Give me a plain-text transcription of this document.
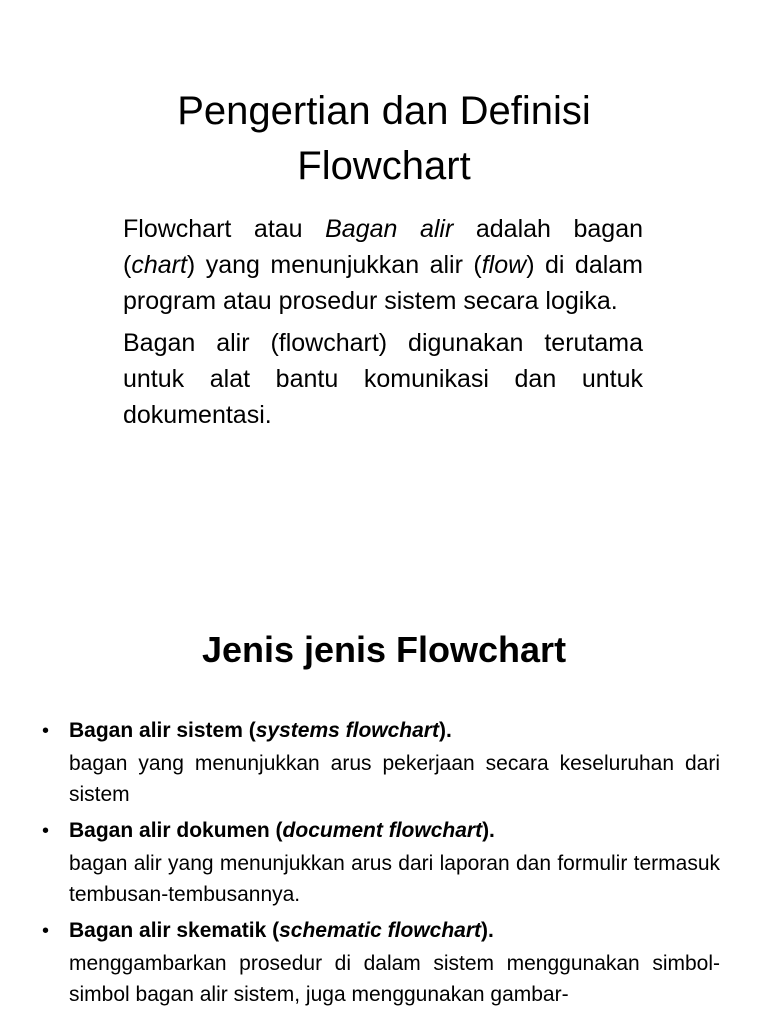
Pengertian dan Definisi
Flowchart

Flowchart atau Bagan alir adalah bagan (chart) yang menunjukkan alir (flow) di dalam program atau prosedur sistem secara logika.

Bagan alir (flowchart) digunakan terutama untuk alat bantu komunikasi dan untuk dokumentasi.

Jenis jenis Flowchart
• Bagan alir sistem (systems flowchart).

bagan yang menunjukkan arus pekerjaan secara keseluruhan dari sistem

• Bagan alir dokumen (document flowchart).

bagan alir yang menunjukkan arus dari laporan dan formulir termasuk tembusan-tembusannya.

• Bagan alir skematik (schematic flowchart).

menggambarkan prosedur di dalam sistem menggunakan simbol-simbol bagan alir sistem, juga menggunakan gambar-
